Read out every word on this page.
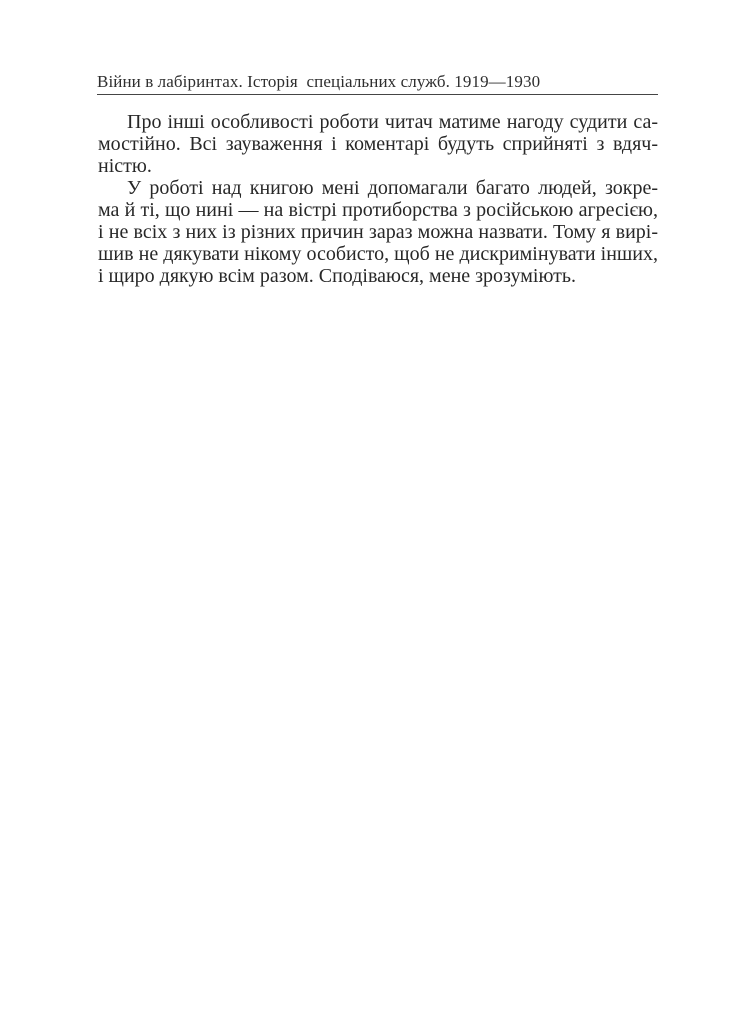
Війни в лабіринтах. Історія  спеціальних служб. 1919—1930

Про інші особливості роботи читач матиме нагоду судити са-
мостійно. Всі зауваження і коментарі будуть сприйняті з вдяч-
ністю.

У роботі над книгою мені допомагали багато людей, зокре-
ма й ті, що нині — на вістрі протиборства з російською агресією,
і не всіх з них із різних причин зараз можна назвати. Тому я вирі-
шив не дякувати нікому особисто, щоб не дискримінувати інших,
і щиро дякую всім разом. Сподіваюся, мене зрозуміють.
